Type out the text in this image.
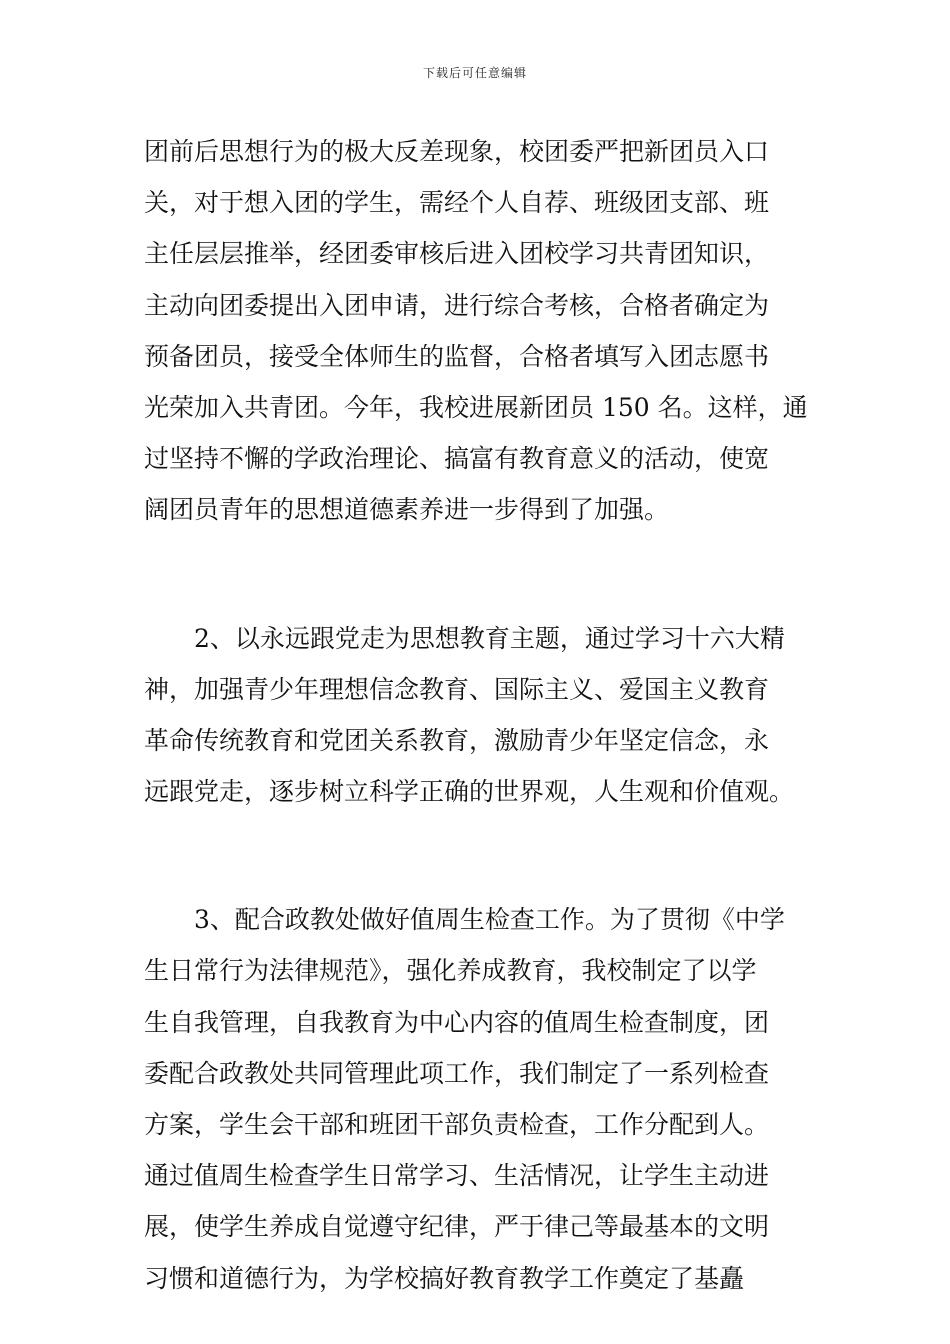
下载后可任意编辑

团前后思想行为的极大反差现象，校团委严把新团员入口
关，对于想入团的学生，需经个人自荐、班级团支部、班
主任层层推举，经团委审核后进入团校学习共青团知识，
主动向团委提出入团申请，进行综合考核，合格者确定为
预备团员，接受全体师生的监督，合格者填写入团志愿书
光荣加入共青团。今年，我校进展新团员 150 名。这样，通
过坚持不懈的学政治理论、搞富有教育意义的活动，使宽
阔团员青年的思想道德素养进一步得到了加强。

2、以永远跟党走为思想教育主题，通过学习十六大精
神，加强青少年理想信念教育、国际主义、爱国主义教育
革命传统教育和党团关系教育，激励青少年坚定信念，永
远跟党走，逐步树立科学正确的世界观，人生观和价值观。

3、配合政教处做好值周生检查工作。为了贯彻《中学
生日常行为法律规范》，强化养成教育，我校制定了以学
生自我管理，自我教育为中心内容的值周生检查制度，团
委配合政教处共同管理此项工作，我们制定了一系列检查
方案，学生会干部和班团干部负责检查，工作分配到人。
通过值周生检查学生日常学习、生活情况，让学生主动进
展，使学生养成自觉遵守纪律，严于律己等最基本的文明
习惯和道德行为，为学校搞好教育教学工作奠定了基矗
